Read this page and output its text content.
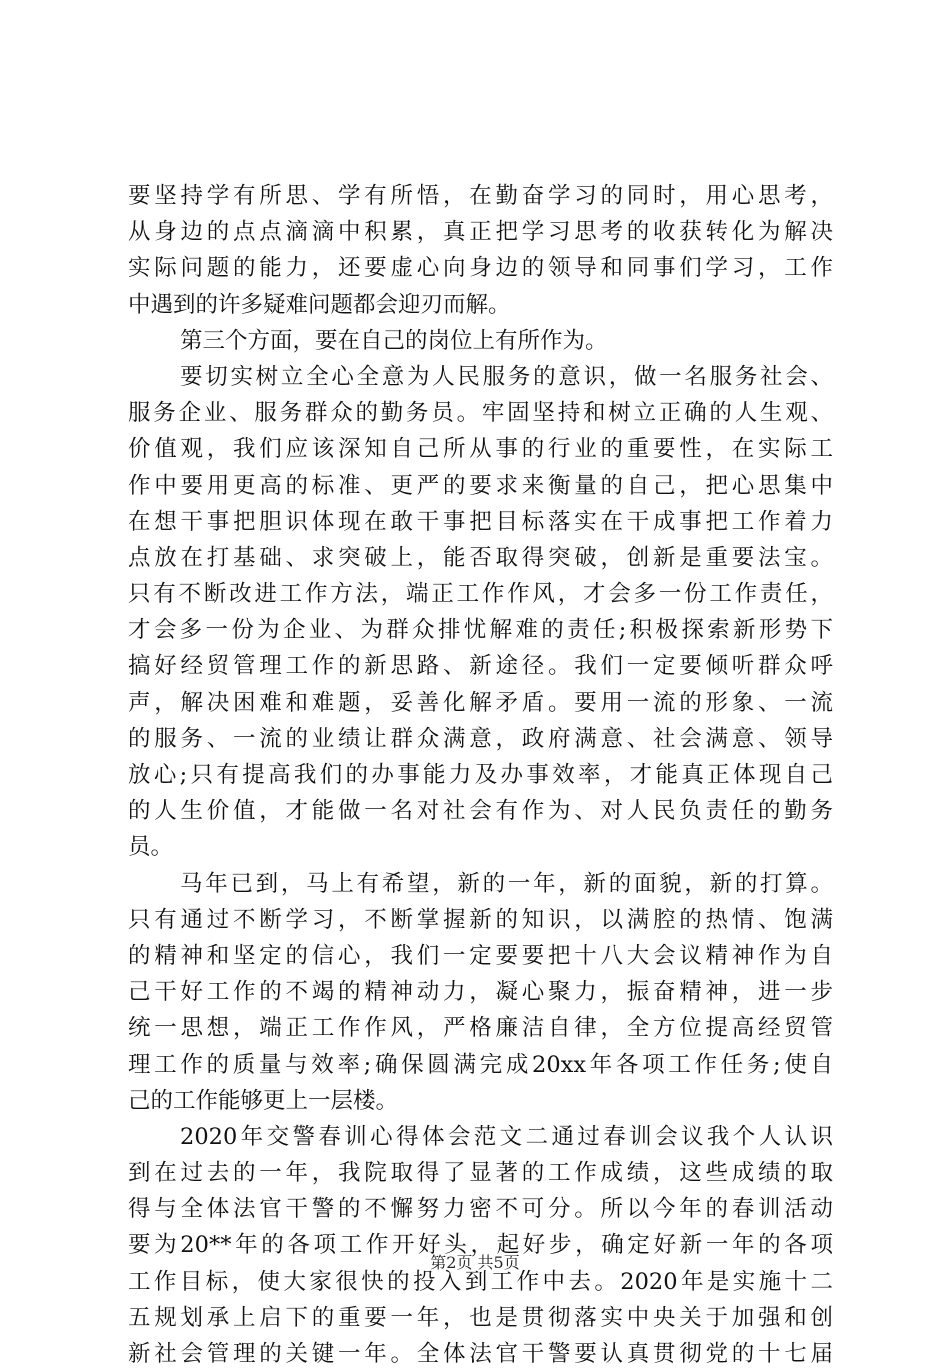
要坚持学有所思、学有所悟，在勤奋学习的同时，用心思考，
从身边的点点滴滴中积累，真正把学习思考的收获转化为解决
实际问题的能力，还要虚心向身边的领导和同事们学习，工作
中遇到的许多疑难问题都会迎刃而解。
第三个方面，要在自己的岗位上有所作为。
要切实树立全心全意为人民服务的意识，做一名服务社会、
服务企业、服务群众的勤务员。牢固坚持和树立正确的人生观、
价值观，我们应该深知自己所从事的行业的重要性，在实际工
作中要用更高的标准、更严的要求来衡量的自己，把心思集中
在想干事把胆识体现在敢干事把目标落实在干成事把工作着力
点放在打基础、求突破上，能否取得突破，创新是重要法宝。
只有不断改进工作方法，端正工作作风，才会多一份工作责任，
才会多一份为企业、为群众排忧解难的责任;积极探索新形势下
搞好经贸管理工作的新思路、新途径。我们一定要倾听群众呼
声，解决困难和难题，妥善化解矛盾。要用一流的形象、一流
的服务、一流的业绩让群众满意，政府满意、社会满意、领导
放心;只有提高我们的办事能力及办事效率，才能真正体现自己
的人生价值，才能做一名对社会有作为、对人民负责任的勤务
员。
马年已到，马上有希望，新的一年，新的面貌，新的打算。
只有通过不断学习，不断掌握新的知识，以满腔的热情、饱满
的精神和坚定的信心，我们一定要要把十八大会议精神作为自
己干好工作的不竭的精神动力，凝心聚力，振奋精神，进一步
统一思想，端正工作作风，严格廉洁自律，全方位提高经贸管
理工作的质量与效率;确保圆满完成20xx年各项工作任务;使自
己的工作能够更上一层楼。
2020年交警春训心得体会范文二通过春训会议我个人认识
到在过去的一年，我院取得了显著的工作成绩，这些成绩的取
得与全体法官干警的不懈努力密不可分。所以今年的春训活动
要为20**年的各项工作开好头，起好步，确定好新一年的各项
工作目标，使大家很快的投入到工作中去。2020年是实施十二
五规划承上启下的重要一年，也是贯彻落实中央关于加强和创
新社会管理的关键一年。全体法官干警要认真贯彻党的十七届
第2页 共5页
